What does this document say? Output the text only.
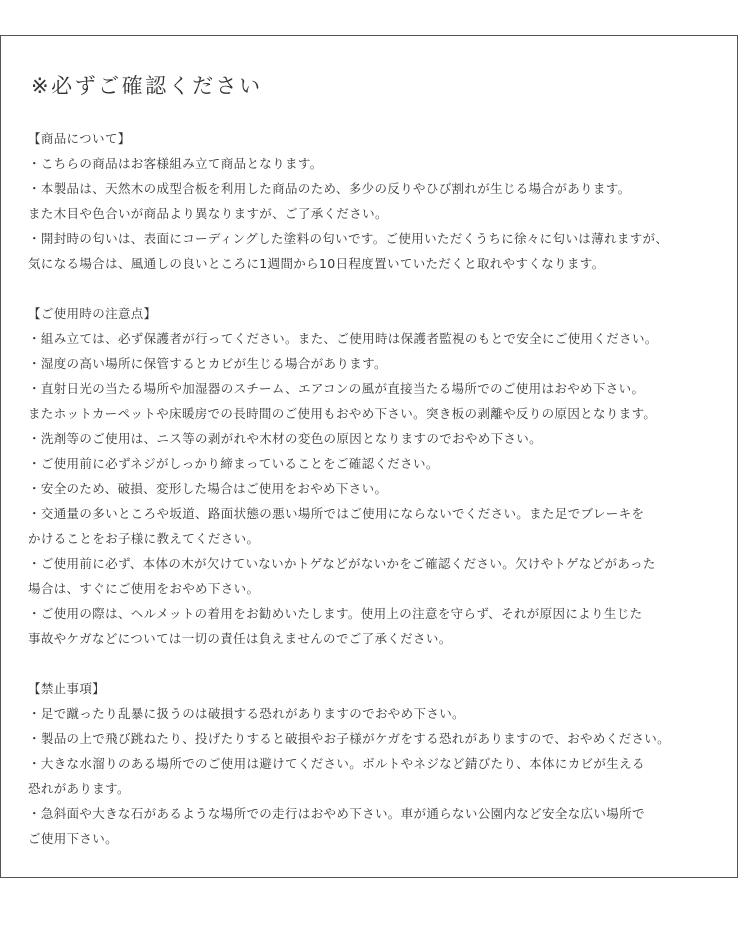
※必ずご確認ください
【商品について】
・こちらの商品はお客様組み立て商品となります。
・本製品は、天然木の成型合板を利用した商品のため、多少の反りやひび割れが生じる場合があります。
また木目や色合いが商品より異なりますが、ご了承ください。
・開封時の匂いは、表面にコーディングした塗料の匂いです。ご使用いただくうちに徐々に匂いは薄れますが、
気になる場合は、風通しの良いところに1週間から10日程度置いていただくと取れやすくなります。
【ご使用時の注意点】
・組み立ては、必ず保護者が行ってください。また、ご使用時は保護者監視のもとで安全にご使用ください。
・湿度の高い場所に保管するとカビが生じる場合があります。
・直射日光の当たる場所や加湿器のスチーム、エアコンの風が直接当たる場所でのご使用はおやめ下さい。
またホットカーペットや床暖房での長時間のご使用もおやめ下さい。突き板の剥離や反りの原因となります。
・洗剤等のご使用は、ニス等の剥がれや木材の変色の原因となりますのでおやめ下さい。
・ご使用前に必ずネジがしっかり締まっていることをご確認ください。
・安全のため、破損、変形した場合はご使用をおやめ下さい。
・交通量の多いところや坂道、路面状態の悪い場所ではご使用にならないでください。また足でブレーキを
かけることをお子様に教えてください。
・ご使用前に必ず、本体の木が欠けていないかトゲなどがないかをご確認ください。欠けやトゲなどがあった
場合は、すぐにご使用をおやめ下さい。
・ご使用の際は、ヘルメットの着用をお勧めいたします。使用上の注意を守らず、それが原因により生じた
事故やケガなどについては一切の責任は負えませんのでご了承ください。
【禁止事項】
・足で蹴ったり乱暴に扱うのは破損する恐れがありますのでおやめ下さい。
・製品の上で飛び跳ねたり、投げたりすると破損やお子様がケガをする恐れがありますので、おやめください。
・大きな水溜りのある場所でのご使用は避けてください。ボルトやネジなど錆びたり、本体にカビが生える
恐れがあります。
・急斜面や大きな石があるような場所での走行はおやめ下さい。車が通らない公園内など安全な広い場所で
ご使用下さい。
